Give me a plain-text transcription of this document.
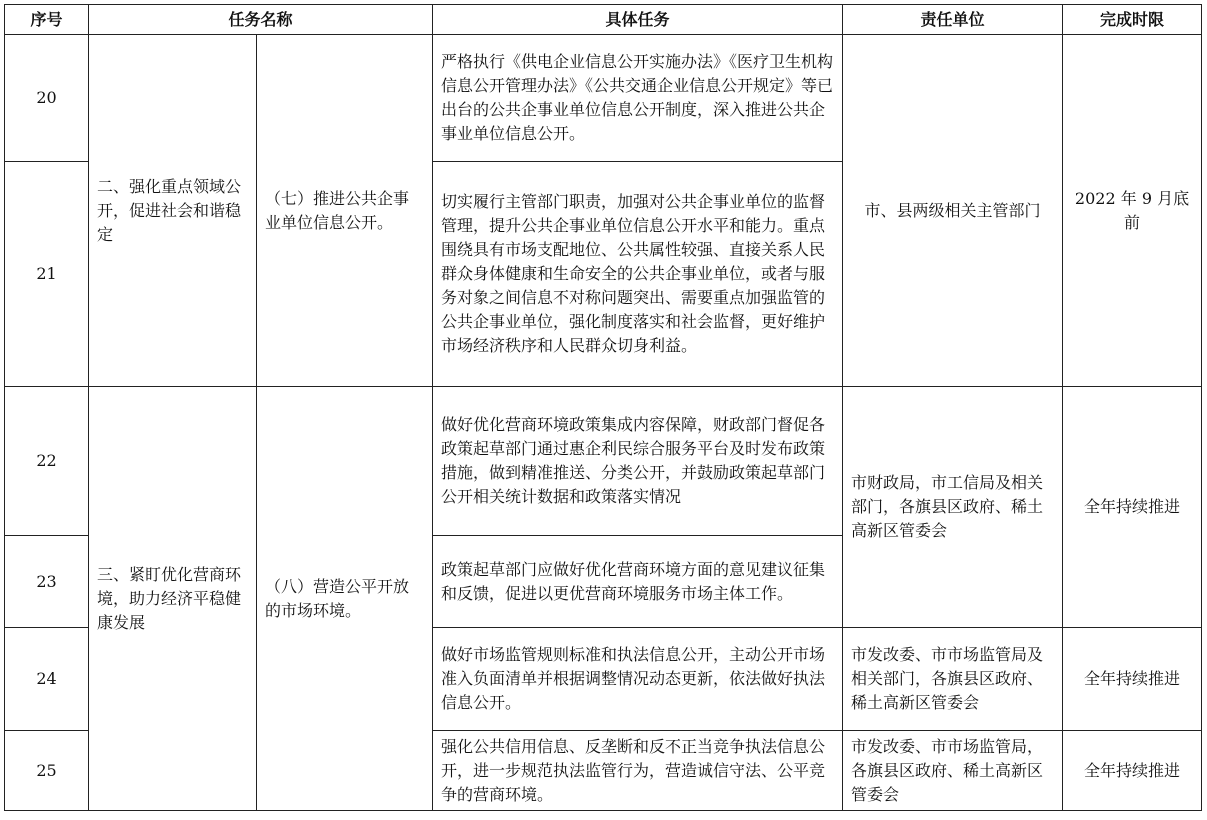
序号	任务名称		具体任务	责任单位	完成时限
20	二、强化重点领域公开，促进社会和谐稳定	（七）推进公共企事业单位信息公开。	严格执行《供电企业信息公开实施办法》《医疗卫生机构信息公开管理办法》《公共交通企业信息公开规定》等已出台的公共企事业单位信息公开制度，深入推进公共企事业单位信息公开。	市、县两级相关主管部门	2022 年 9 月底前
21			切实履行主管部门职责，加强对公共企事业单位的监督管理，提升公共企事业单位信息公开水平和能力。重点围绕具有市场支配地位、公共属性较强、直接关系人民群众身体健康和生命安全的公共企事业单位，或者与服务对象之间信息不对称问题突出、需要重点加强监管的公共企事业单位，强化制度落实和社会监督，更好维护市场经济秩序和人民群众切身利益。		
22	三、紧盯优化营商环境，助力经济平稳健康发展	（八）营造公平开放的市场环境。	做好优化营商环境政策集成内容保障，财政部门督促各政策起草部门通过惠企利民综合服务平台及时发布政策措施，做到精准推送、分类公开，并鼓励政策起草部门公开相关统计数据和政策落实情况	市财政局，市工信局及相关部门，各旗县区政府、稀土高新区管委会	全年持续推进
23			政策起草部门应做好优化营商环境方面的意见建议征集和反馈，促进以更优营商环境服务市场主体工作。		
24			做好市场监管规则标准和执法信息公开，主动公开市场准入负面清单并根据调整情况动态更新，依法做好执法信息公开。	市发改委、市市场监管局及相关部门，各旗县区政府、稀土高新区管委会	全年持续推进
25			强化公共信用信息、反垄断和反不正当竞争执法信息公开，进一步规范执法监管行为，营造诚信守法、公平竞争的营商环境。	市发改委、市市场监管局，各旗县区政府、稀土高新区管委会	全年持续推进
